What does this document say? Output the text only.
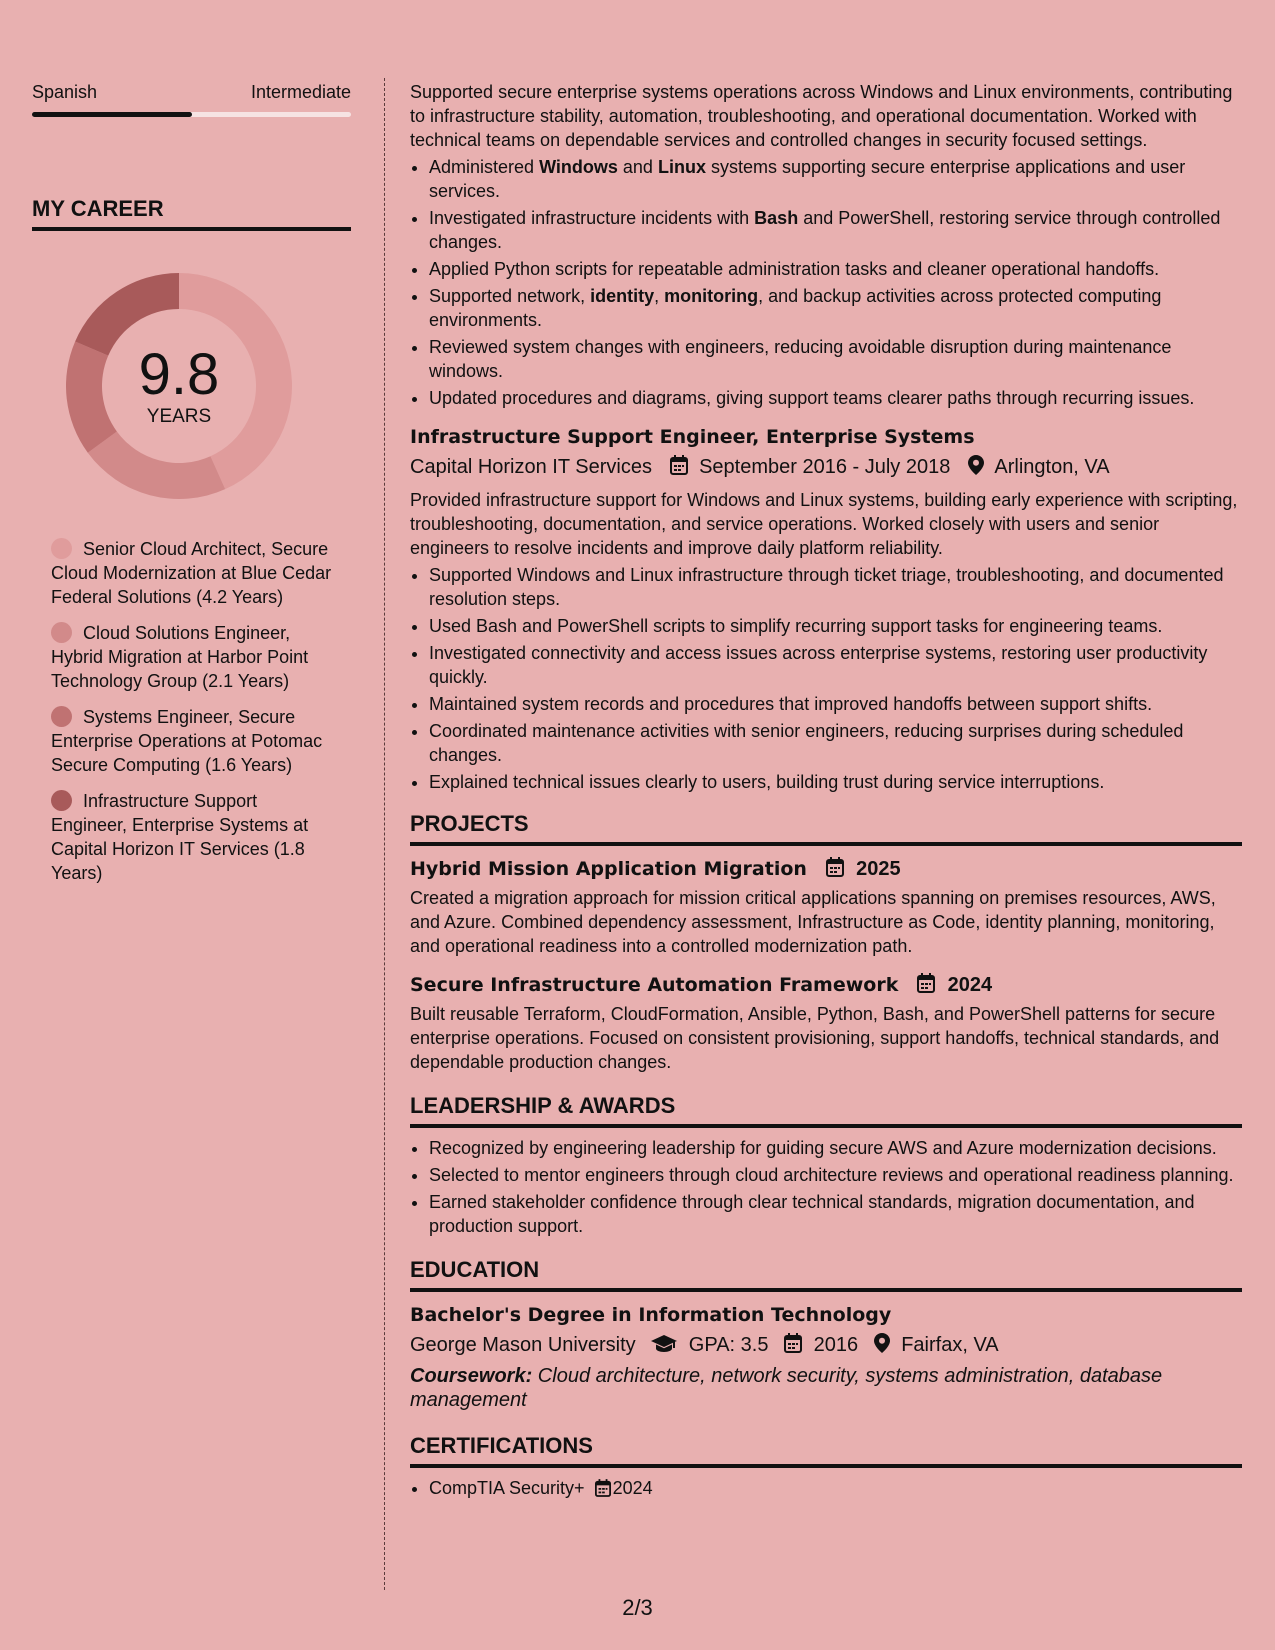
Spanish	Intermediate
MY CAREER
9.8
YEARS
Senior Cloud Architect, Secure Cloud Modernization at Blue Cedar Federal Solutions (4.2 Years)
Cloud Solutions Engineer, Hybrid Migration at Harbor Point Technology Group (2.1 Years)
Systems Engineer, Secure Enterprise Operations at Potomac Secure Computing (1.6 Years)
Infrastructure Support Engineer, Enterprise Systems at Capital Horizon IT Services (1.8 Years)

Supported secure enterprise systems operations across Windows and Linux environments, contributing to infrastructure stability, automation, troubleshooting, and operational documentation. Worked with technical teams on dependable services and controlled changes in security focused settings.

• Administered Windows and Linux systems supporting secure enterprise applications and user services.
• Investigated infrastructure incidents with Bash and PowerShell, restoring service through controlled changes.
• Applied Python scripts for repeatable administration tasks and cleaner operational handoffs.
• Supported network, identity, monitoring, and backup activities across protected computing environments.
• Reviewed system changes with engineers, reducing avoidable disruption during maintenance windows.
• Updated procedures and diagrams, giving support teams clearer paths through recurring issues.
Infrastructure Support Engineer, Enterprise Systems
Capital Horizon IT Services September 2016 - July 2018 Arlington, VA

Provided infrastructure support for Windows and Linux systems, building early experience with scripting, troubleshooting, documentation, and service operations. Worked closely with users and senior engineers to resolve incidents and improve daily platform reliability.

• Supported Windows and Linux infrastructure through ticket triage, troubleshooting, and documented resolution steps.
• Used Bash and PowerShell scripts to simplify recurring support tasks for engineering teams.
• Investigated connectivity and access issues across enterprise systems, restoring user productivity quickly.
• Maintained system records and procedures that improved handoffs between support shifts.
• Coordinated maintenance activities with senior engineers, reducing surprises during scheduled changes.
• Explained technical issues clearly to users, building trust during service interruptions.
PROJECTS
Hybrid Mission Application Migration 2025

Created a migration approach for mission critical applications spanning on premises resources, AWS, and Azure. Combined dependency assessment, Infrastructure as Code, identity planning, monitoring, and operational readiness into a controlled modernization path.

Secure Infrastructure Automation Framework 2024

Built reusable Terraform, CloudFormation, Ansible, Python, Bash, and PowerShell patterns for secure enterprise operations. Focused on consistent provisioning, support handoffs, technical standards, and dependable production changes.

LEADERSHIP & AWARDS
• Recognized by engineering leadership for guiding secure AWS and Azure modernization decisions.
• Selected to mentor engineers through cloud architecture reviews and operational readiness planning.
• Earned stakeholder confidence through clear technical standards, migration documentation, and production support.
EDUCATION
Bachelor's Degree in Information Technology
George Mason University	GPA: 3.5 2016 Fairfax, VA
Coursework: Cloud architecture, network security, systems administration, database management
CERTIFICATIONS
• CompTIA Security+ 2024
2/3
